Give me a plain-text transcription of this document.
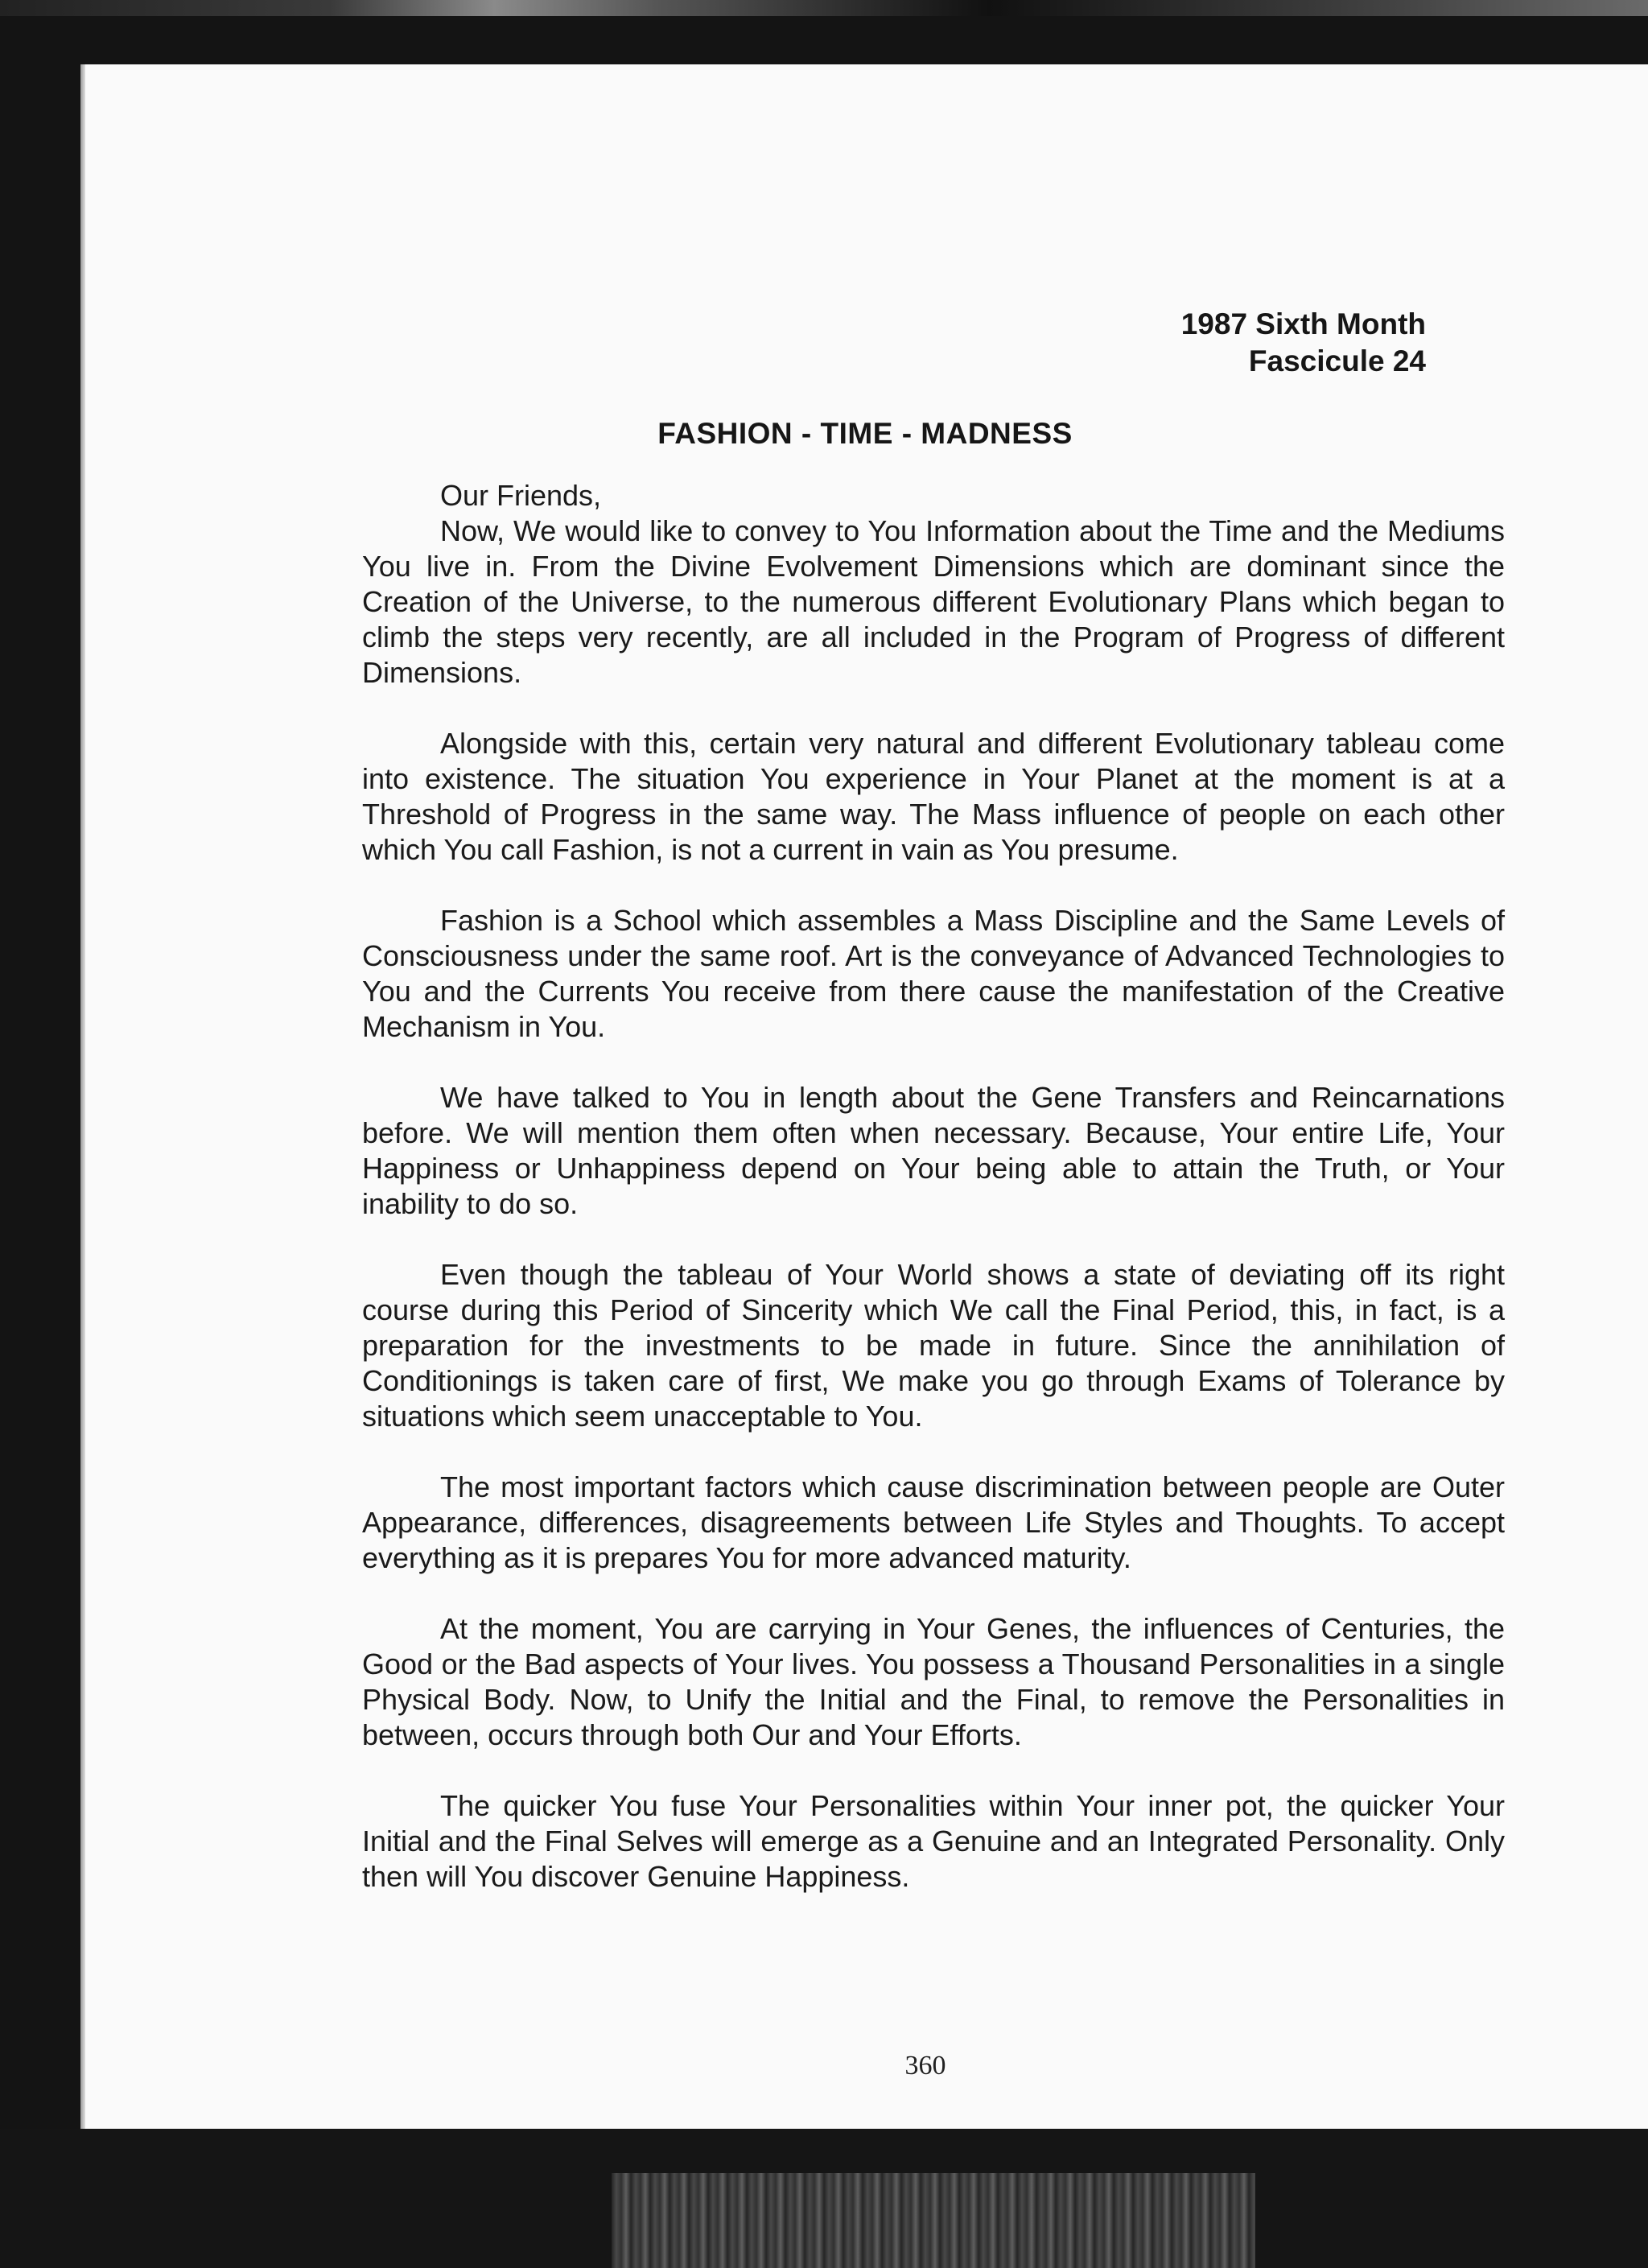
1987 Sixth Month
Fascicule 24
FASHION - TIME - MADNESS

Our Friends,

Now, We would like to convey to You Information about the Time and the Mediums You live in. From the Divine Evolvement Dimensions which are dominant since the Creation of the Universe, to the numerous different Evolutionary Plans which began to climb the steps very recently, are all included in the Program of Progress of different Dimensions.

Alongside with this, certain very natural and different Evolutionary tableau come into existence. The situation You experience in Your Planet at the moment is at a Threshold of Progress in the same way. The Mass influence of people on each other which You call Fashion, is not a current in vain as You presume.

Fashion is a School which assembles a Mass Discipline and the Same Levels of Consciousness under the same roof. Art is the conveyance of Advanced Technologies to You and the Currents You receive from there cause the manifestation of the Creative Mechanism in You.

We have talked to You in length about the Gene Transfers and Reincarnations before. We will mention them often when necessary. Because, Your entire Life, Your Happiness or Unhappiness depend on Your being able to attain the Truth, or Your inability to do so.

Even though the tableau of Your World shows a state of deviating off its right course during this Period of Sincerity which We call the Final Period, this, in fact, is a preparation for the investments to be made in future. Since the annihilation of Conditionings is taken care of first, We make you go through Exams of Tolerance by situations which seem unacceptable to You.

The most important factors which cause discrimination between people are Outer Appearance, differences, disagreements between Life Styles and Thoughts. To accept everything as it is prepares You for more advanced maturity.

At the moment, You are carrying in Your Genes, the influences of Centuries, the Good or the Bad aspects of Your lives. You possess a Thousand Personalities in a single Physical Body. Now, to Unify the Initial and the Final, to remove the Personalities in between, occurs through both Our and Your Efforts.

The quicker You fuse Your Personalities within Your inner pot, the quicker Your Initial and the Final Selves will emerge as a Genuine and an Integrated Personality. Only then will You discover Genuine Happiness.

360
